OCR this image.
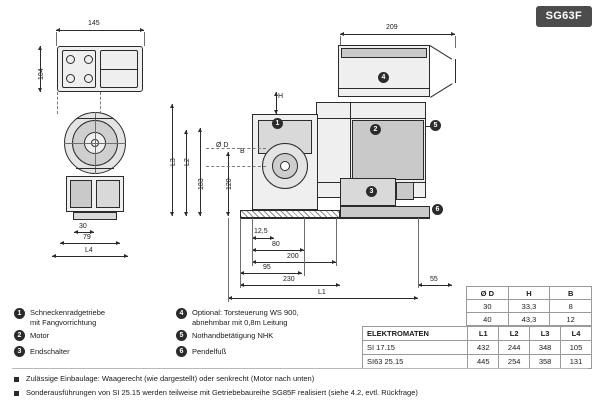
SG63F
145
104
30
79
L4
209
4
2
1
3
5
6
H
L3 L2
183	120
Ø D
B
12,5
80
200
95
230
L1
55
1	Schneckenradgetriebe
mit Fangvorrichtung
2	Motor
3	Endschalter
4	Optional: Torsteuerung WS 900,
abnehmbar mit 0,8m Leitung
5	Nothandbetätigung NHK
6	Pendelfuß
Ø D	H	B
30	33,3	8
40	43,3	12
ELEKTROMATEN	L1	L2	L3	L4
SI 17.15	432	244	348	105
SI63 25.15	445	254	358	131
Zulässige Einbaulage: Waagerecht (wie dargestellt) oder senkrecht (Motor nach unten)
Sonderausführungen von SI 25.15 werden teilweise mit Getriebebaureihe SG85F realisiert (siehe 4.2, evtl. Rückfrage)
